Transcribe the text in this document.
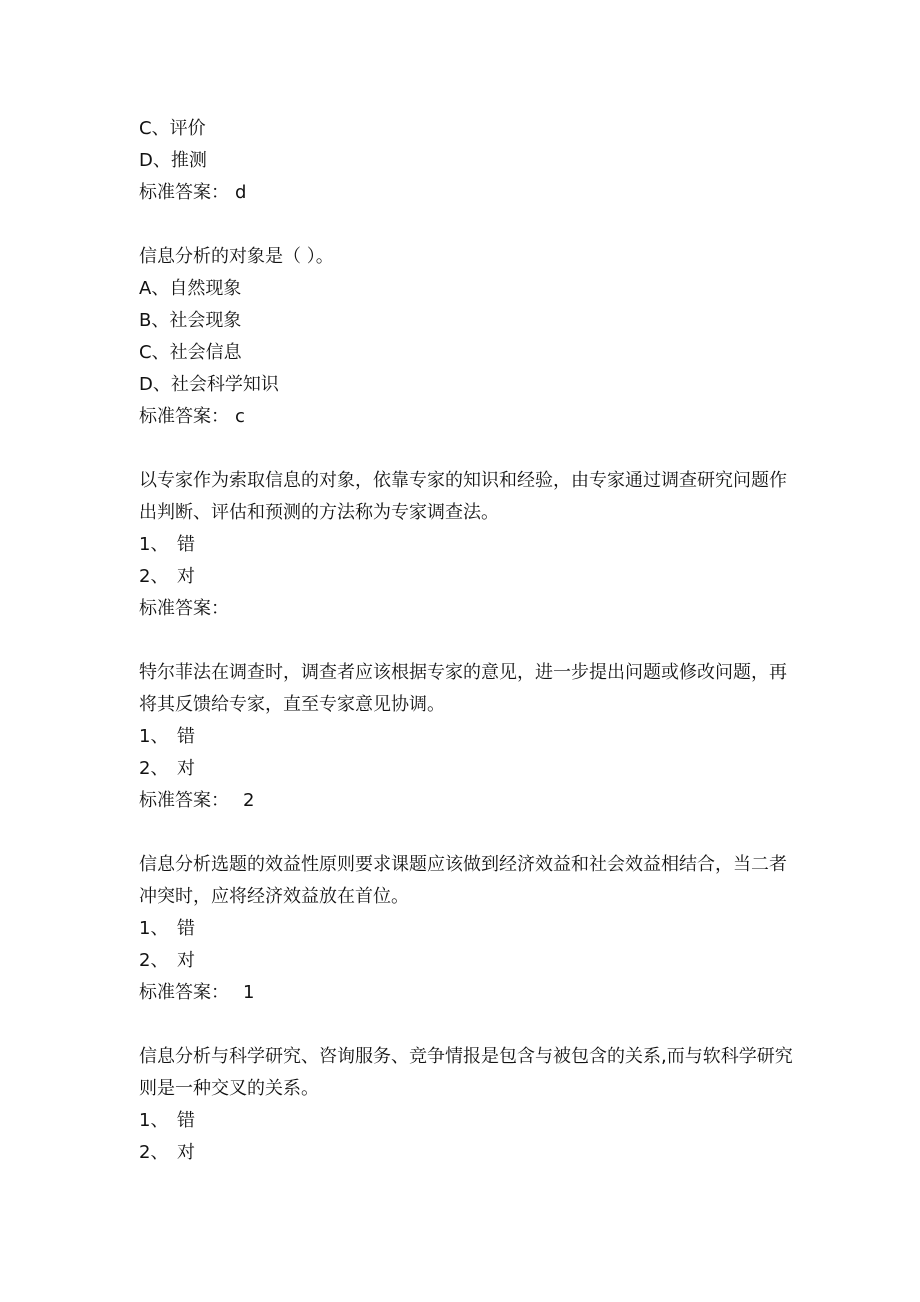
C、 评价
D、 推测
标准答案： d
信息分析的对象是（ ）。
A、 自然现象
B、 社会现象
C、 社会信息
D、 社会科学知识
标准答案： c
以专家作为索取信息的对象，依靠专家的知识和经验，由专家通过调查研究问题作出判断、评估和预测的方法称为专家调查法。
1、 错
2、 对
标准答案：
特尔菲法在调查时，调查者应该根据专家的意见，进一步提出问题或修改问题，再将其反馈给专家，直至专家意见协调。
1、 错
2、 对
标准答案： 2
信息分析选题的效益性原则要求课题应该做到经济效益和社会效益相结合，当二者冲突时，应将经济效益放在首位。
1、 错
2、 对
标准答案： 1
信息分析与科学研究、咨询服务、竞争情报是包含与被包含的关系,而与软科学研究则是一种交叉的关系。
1、 错
2、 对
